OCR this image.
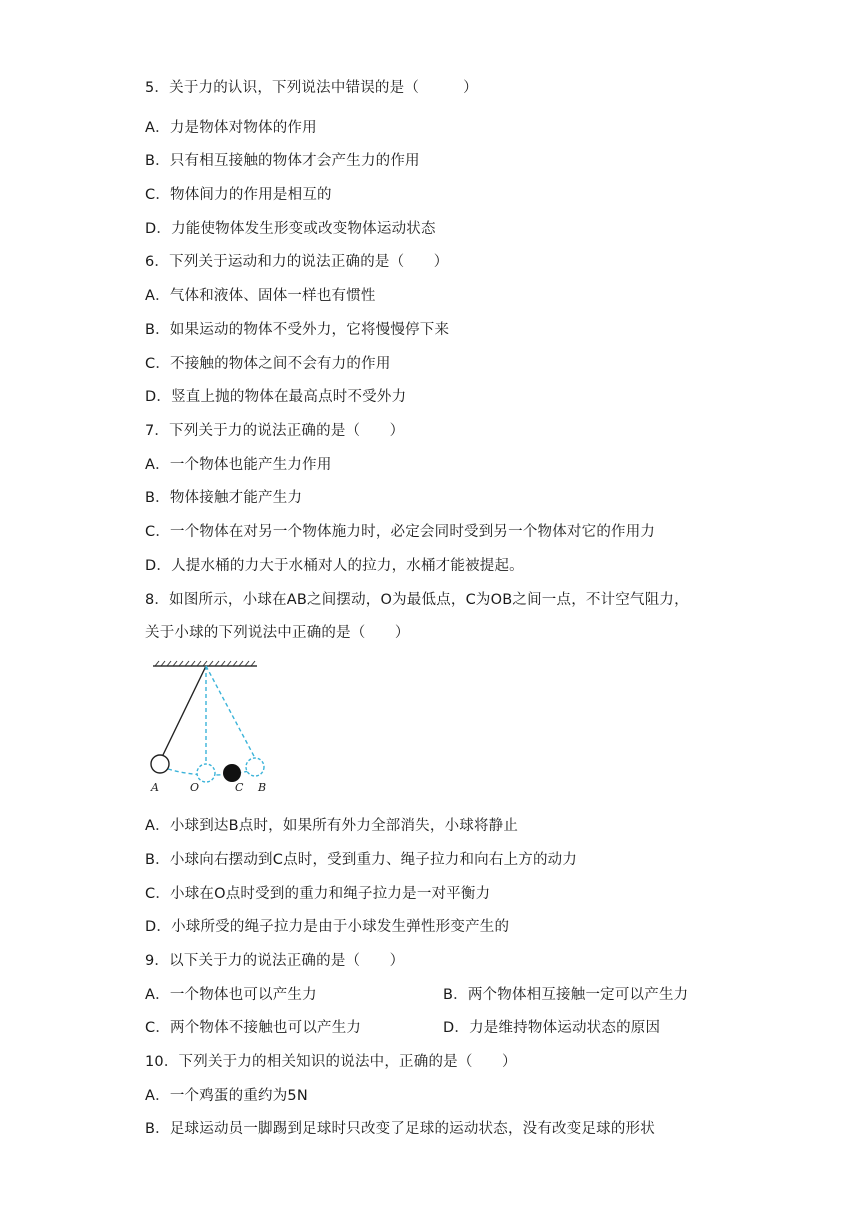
5．关于力的认识，下列说法中错误的是（　　　）
A．力是物体对物体的作用
B．只有相互接触的物体才会产生力的作用
C．物体间力的作用是相互的
D．力能使物体发生形变或改变物体运动状态
6．下列关于运动和力的说法正确的是（　　）
A．气体和液体、固体一样也有惯性
B．如果运动的物体不受外力，它将慢慢停下来
C．不接触的物体之间不会有力的作用
D．竖直上抛的物体在最高点时不受外力
7．下列关于力的说法正确的是（　　）
A．一个物体也能产生力作用
B．物体接触才能产生力
C．一个物体在对另一个物体施力时，必定会同时受到另一个物体对它的作用力
D．人提水桶的力大于水桶对人的拉力，水桶才能被提起。
8．如图所示，小球在AB之间摆动，O为最低点，C为OB之间一点，不计空气阻力，
关于小球的下列说法中正确的是（　　）
A	O	C B
A．小球到达B点时，如果所有外力全部消失，小球将静止
B．小球向右摆动到C点时，受到重力、绳子拉力和向右上方的动力
C．小球在O点时受到的重力和绳子拉力是一对平衡力
D．小球所受的绳子拉力是由于小球发生弹性形变产生的
9．以下关于力的说法正确的是（　　）
A．一个物体也可以产生力	B．两个物体相互接触一定可以产生力
C．两个物体不接触也可以产生力	D．力是维持物体运动状态的原因
10．下列关于力的相关知识的说法中，正确的是（　　）
A．一个鸡蛋的重约为5N
B．足球运动员一脚踢到足球时只改变了足球的运动状态，没有改变足球的形状
